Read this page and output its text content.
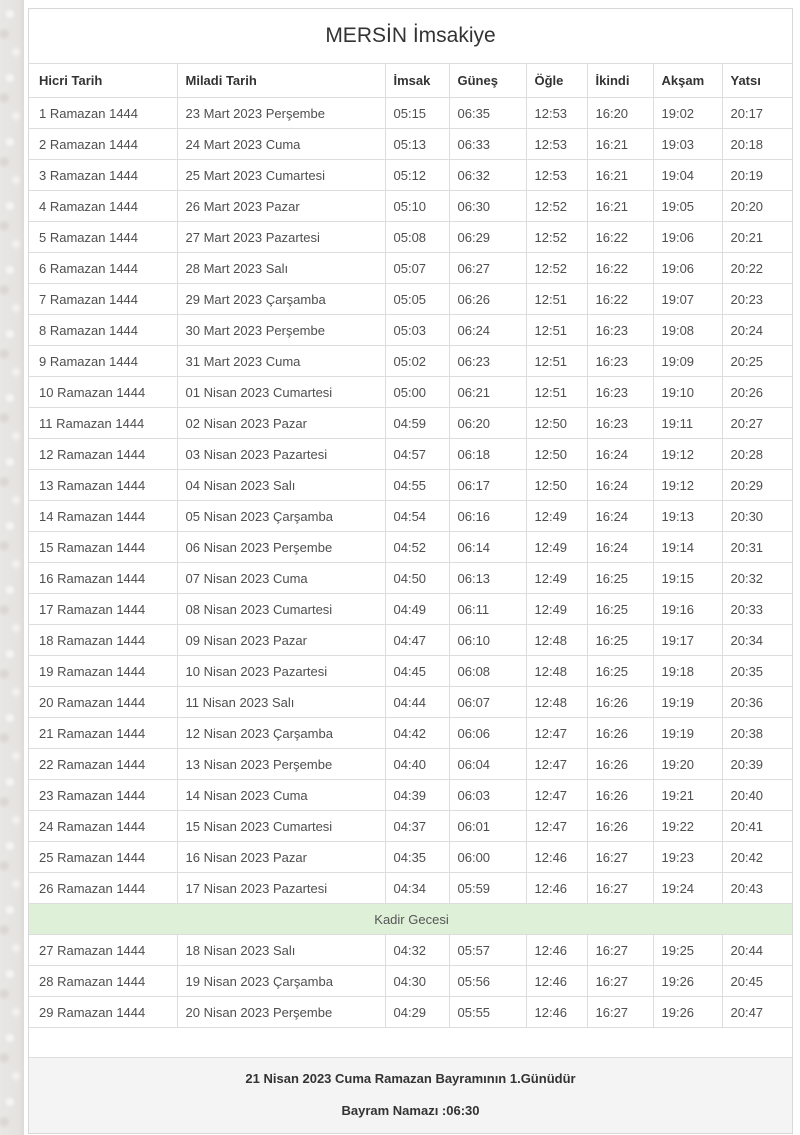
MERSİN İmsakiye
Hicri Tarih	Miladi Tarih	İmsak	Güneş	Öğle	İkindi	Akşam	Yatsı
1 Ramazan 1444	23 Mart 2023 Perşembe	05:15	06:35	12:53	16:20	19:02	20:17
2 Ramazan 1444	24 Mart 2023 Cuma	05:13	06:33	12:53	16:21	19:03	20:18
3 Ramazan 1444	25 Mart 2023 Cumartesi	05:12	06:32	12:53	16:21	19:04	20:19
4 Ramazan 1444	26 Mart 2023 Pazar	05:10	06:30	12:52	16:21	19:05	20:20
5 Ramazan 1444	27 Mart 2023 Pazartesi	05:08	06:29	12:52	16:22	19:06	20:21
6 Ramazan 1444	28 Mart 2023 Salı	05:07	06:27	12:52	16:22	19:06	20:22
7 Ramazan 1444	29 Mart 2023 Çarşamba	05:05	06:26	12:51	16:22	19:07	20:23
8 Ramazan 1444	30 Mart 2023 Perşembe	05:03	06:24	12:51	16:23	19:08	20:24
9 Ramazan 1444	31 Mart 2023 Cuma	05:02	06:23	12:51	16:23	19:09	20:25
10 Ramazan 1444	01 Nisan 2023 Cumartesi	05:00	06:21	12:51	16:23	19:10	20:26
11 Ramazan 1444	02 Nisan 2023 Pazar	04:59	06:20	12:50	16:23	19:11	20:27
12 Ramazan 1444	03 Nisan 2023 Pazartesi	04:57	06:18	12:50	16:24	19:12	20:28
13 Ramazan 1444	04 Nisan 2023 Salı	04:55	06:17	12:50	16:24	19:12	20:29
14 Ramazan 1444	05 Nisan 2023 Çarşamba	04:54	06:16	12:49	16:24	19:13	20:30
15 Ramazan 1444	06 Nisan 2023 Perşembe	04:52	06:14	12:49	16:24	19:14	20:31
16 Ramazan 1444	07 Nisan 2023 Cuma	04:50	06:13	12:49	16:25	19:15	20:32
17 Ramazan 1444	08 Nisan 2023 Cumartesi	04:49	06:11	12:49	16:25	19:16	20:33
18 Ramazan 1444	09 Nisan 2023 Pazar	04:47	06:10	12:48	16:25	19:17	20:34
19 Ramazan 1444	10 Nisan 2023 Pazartesi	04:45	06:08	12:48	16:25	19:18	20:35
20 Ramazan 1444	11 Nisan 2023 Salı	04:44	06:07	12:48	16:26	19:19	20:36
21 Ramazan 1444	12 Nisan 2023 Çarşamba	04:42	06:06	12:47	16:26	19:19	20:38
22 Ramazan 1444	13 Nisan 2023 Perşembe	04:40	06:04	12:47	16:26	19:20	20:39
23 Ramazan 1444	14 Nisan 2023 Cuma	04:39	06:03	12:47	16:26	19:21	20:40
24 Ramazan 1444	15 Nisan 2023 Cumartesi	04:37	06:01	12:47	16:26	19:22	20:41
25 Ramazan 1444	16 Nisan 2023 Pazar	04:35	06:00	12:46	16:27	19:23	20:42
26 Ramazan 1444	17 Nisan 2023 Pazartesi	04:34	05:59	12:46	16:27	19:24	20:43
Kadir Gecesi							
27 Ramazan 1444	18 Nisan 2023 Salı	04:32	05:57	12:46	16:27	19:25	20:44
28 Ramazan 1444	19 Nisan 2023 Çarşamba	04:30	05:56	12:46	16:27	19:26	20:45
29 Ramazan 1444	20 Nisan 2023 Perşembe	04:29	05:55	12:46	16:27	19:26	20:47
21 Nisan 2023 Cuma Ramazan Bayramının 1.Günüdür
Bayram Namazı :06:30
